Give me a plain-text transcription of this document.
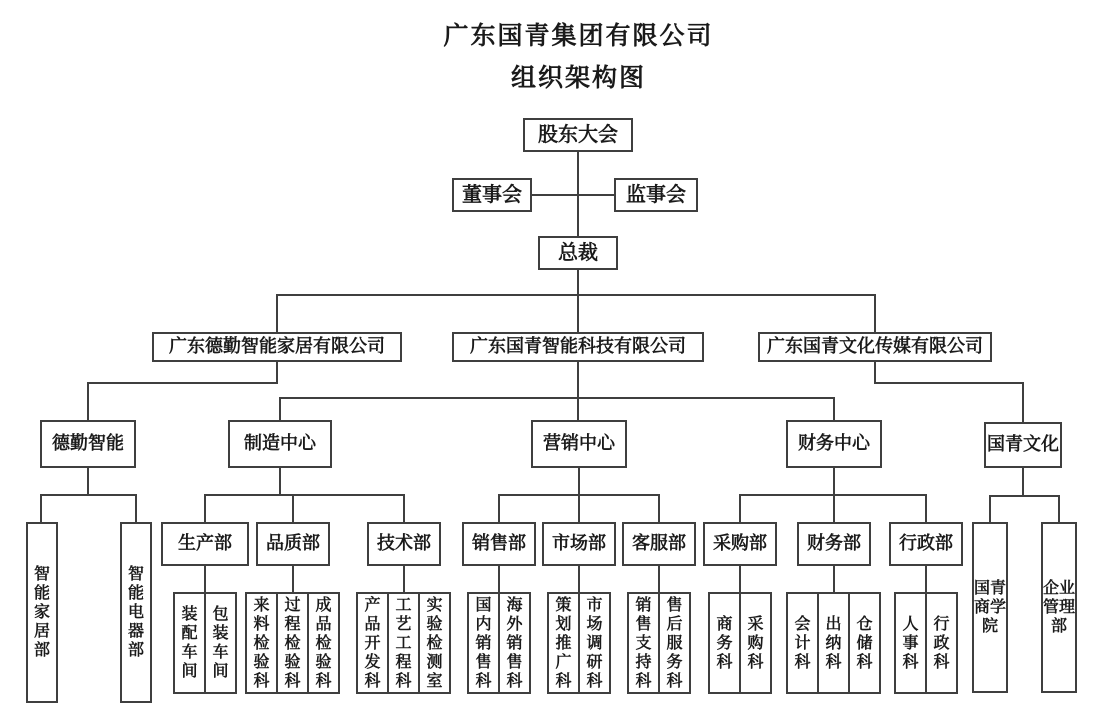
广东国青集团有限公司
组织架构图
股东大会
董事会	监事会
总裁
广东德勤智能家居有限公司	广东国青智能科技有限公司	广东国青文化传媒有限公司
德勤智能	制造中心	营销中心	财务中心	国青文化
生产部	品质部	技术部	销售部	市场部	客服部	采购部	财务部	行政部
智能家居部
智能电器部
国青商学院
企业管理部
装配车间
包装车间
来料检验科
过程检验科
成品检验科
产品开发科
工艺工程科
实验检测室
国内销售科
海外销售科
策划推广科
市场调研科
销售支持科
售后服务科
商务科
采购科
会计科
出纳科
仓储科
人事科
行政科
